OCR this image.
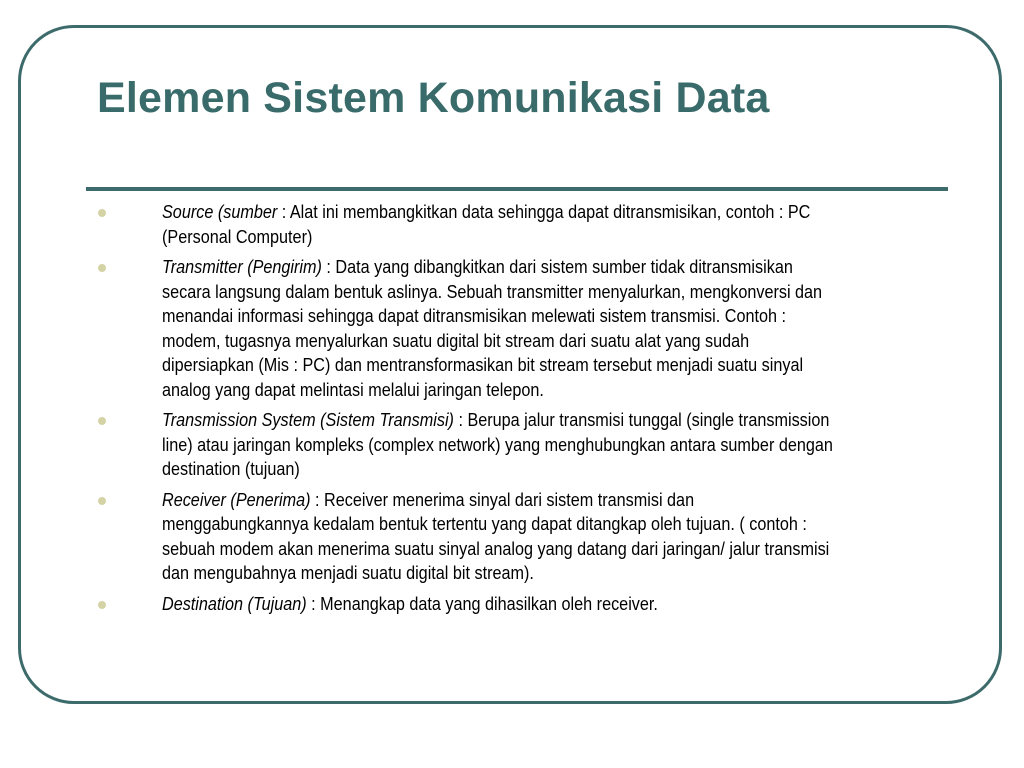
Elemen Sistem Komunikasi Data
Source (sumber : Alat ini membangkitkan data sehingga dapat ditransmisikan, contoh : PC (Personal Computer)
Transmitter (Pengirim) : Data yang dibangkitkan dari sistem sumber tidak ditransmisikan secara langsung dalam bentuk aslinya. Sebuah transmitter menyalurkan, mengkonversi dan menandai informasi sehingga dapat ditransmisikan melewati sistem transmisi. Contoh : modem, tugasnya menyalurkan suatu digital bit stream dari suatu alat yang sudah dipersiapkan (Mis : PC) dan mentransformasikan bit stream tersebut menjadi suatu sinyal analog yang dapat melintasi melalui jaringan telepon.
Transmission System (Sistem Transmisi) : Berupa jalur transmisi tunggal (single transmission line) atau jaringan kompleks (complex network) yang menghubungkan antara sumber dengan destination (tujuan)
Receiver (Penerima) : Receiver menerima sinyal dari sistem transmisi dan menggabungkannya kedalam bentuk tertentu yang dapat ditangkap oleh tujuan. ( contoh : sebuah modem akan menerima suatu sinyal analog yang datang dari jaringan/ jalur transmisi dan mengubahnya menjadi suatu digital bit stream).
Destination (Tujuan) : Menangkap data yang dihasilkan oleh receiver.
